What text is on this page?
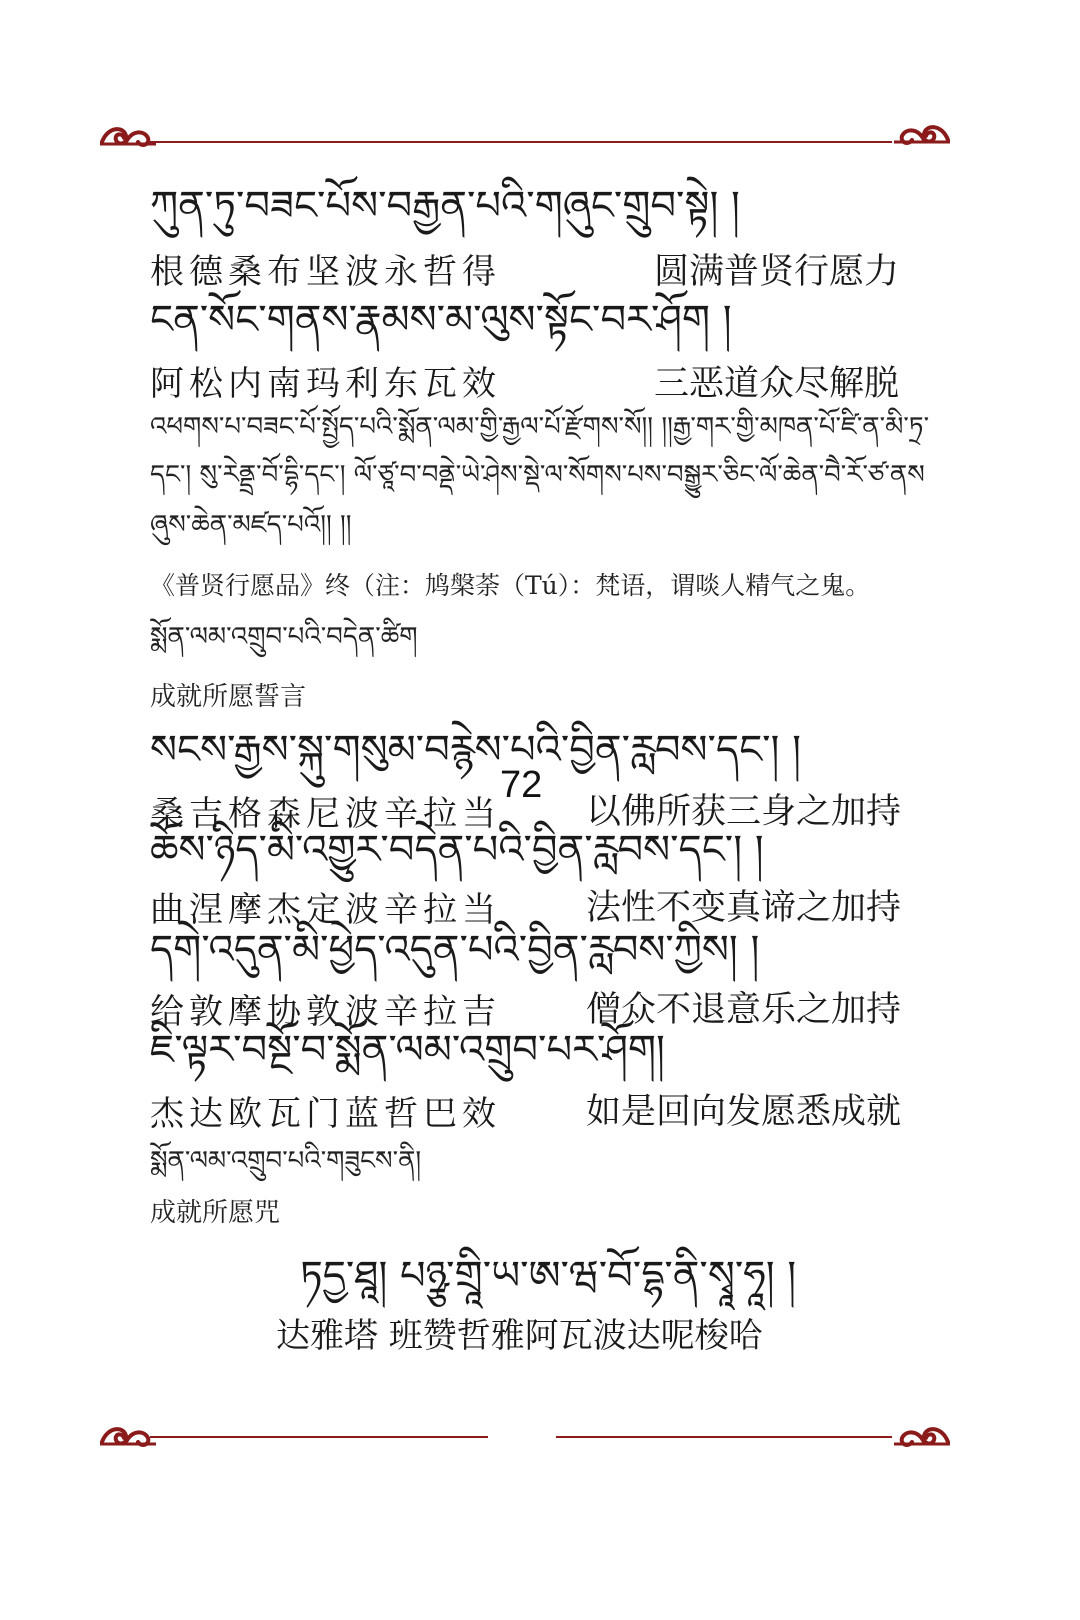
ཀུན་ཏུ་བཟང་པོས་བརྒྱན་པའི་གཞུང་གྲུབ་སྟེ། །
根德桑布坚波永哲得	圆满普贤行愿力
ངན་སོང་གནས་རྣམས་མ་ལུས་སྟོང་བར་ཤོག །
阿松内南玛利东瓦效	三恶道众尽解脱
འཕགས་པ་བཟང་པོ་སྤྱོད་པའི་སྨོན་ལམ་གྱི་རྒྱལ་པོ་རྫོགས་སོ།། །།རྒྱ་གར་གྱི་མཁན་པོ་ཛི་ན་མི་ཏྲ་
དང་། སུ་རེནྡྲ་བོ་དྷི་དང་། ལོ་ཙཱ་བ་བནྡེ་ཡེ་ཤེས་སྡེ་ལ་སོགས་པས་བསྒྱུར་ཅིང་ལོ་ཆེན་བཻ་རོ་ཙ་ནས
ཞུས་ཆེན་མཛད་པའོ།། །།
《普贤行愿品》终（注：鸠槃荼（Tú）：梵语，谓啖人精气之鬼。
སྨོན་ལམ་འགྲུབ་པའི་བདེན་ཚིག
成就所愿誓言
སངས་རྒྱས་སྐུ་གསུམ་བརྙེས་པའི་བྱིན་རླབས་དང་། །
桑吉格森尼波辛拉当 以佛所获三身之加持
ཆོས་ཉིད་མི་འགྱུར་བདེན་པའི་བྱིན་རླབས་དང་། །
曲涅摩杰定波辛拉当 法性不变真谛之加持
དགེ་འདུན་མི་ཕྱེད་འདུན་པའི་བྱིན་རླབས་ཀྱིས། །
给敦摩协敦波辛拉吉 僧众不退意乐之加持
ཇི་ལྟར་བསྔོ་བ་སྨོན་ལམ་འགྲུབ་པར་ཤོག།
杰达欧瓦门蓝哲巴效 如是回向发愿悉成就
72
སྨོན་ལམ་འགྲུབ་པའི་གཟུངས་ནི།
成就所愿咒
ཏདྱ་ཐཱ། པཉྩ་གྲཱི་ཡ་ཨ་ཝ་བོ་དྷ་ནི་སྭཱ་ཧཱ། །
达雅塔 班赞哲雅阿瓦波达呢梭哈
